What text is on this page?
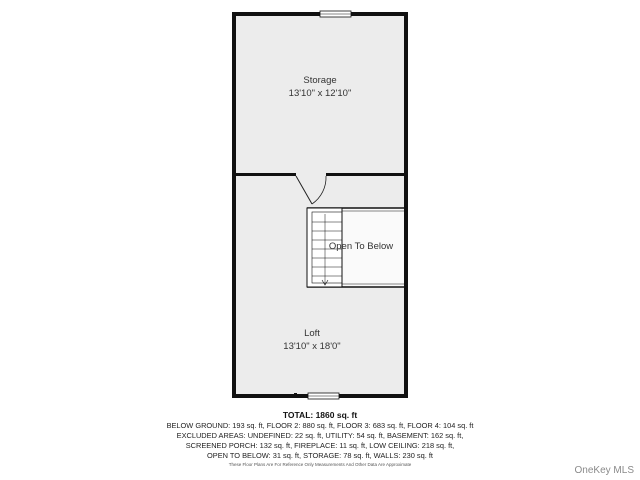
Storage
13'10" x 12'10"
Open To Below
Loft
13'10" x 18'0"
TOTAL: 1860 sq. ft
BELOW GROUND: 193 sq. ft, FLOOR 2: 880 sq. ft, FLOOR 3: 683 sq. ft, FLOOR 4: 104 sq. ft
EXCLUDED AREAS: UNDEFINED: 22 sq. ft, UTILITY: 54 sq. ft, BASEMENT: 162 sq. ft,
SCREENED PORCH: 132 sq. ft, FIREPLACE: 11 sq. ft, LOW CEILING: 218 sq. ft,
OPEN TO BELOW: 31 sq. ft, STORAGE: 78 sq. ft, WALLS: 230 sq. ft
These Floor Plans Are For Reference Only Measurements And Other Data Are Approximate
OneKey MLS
